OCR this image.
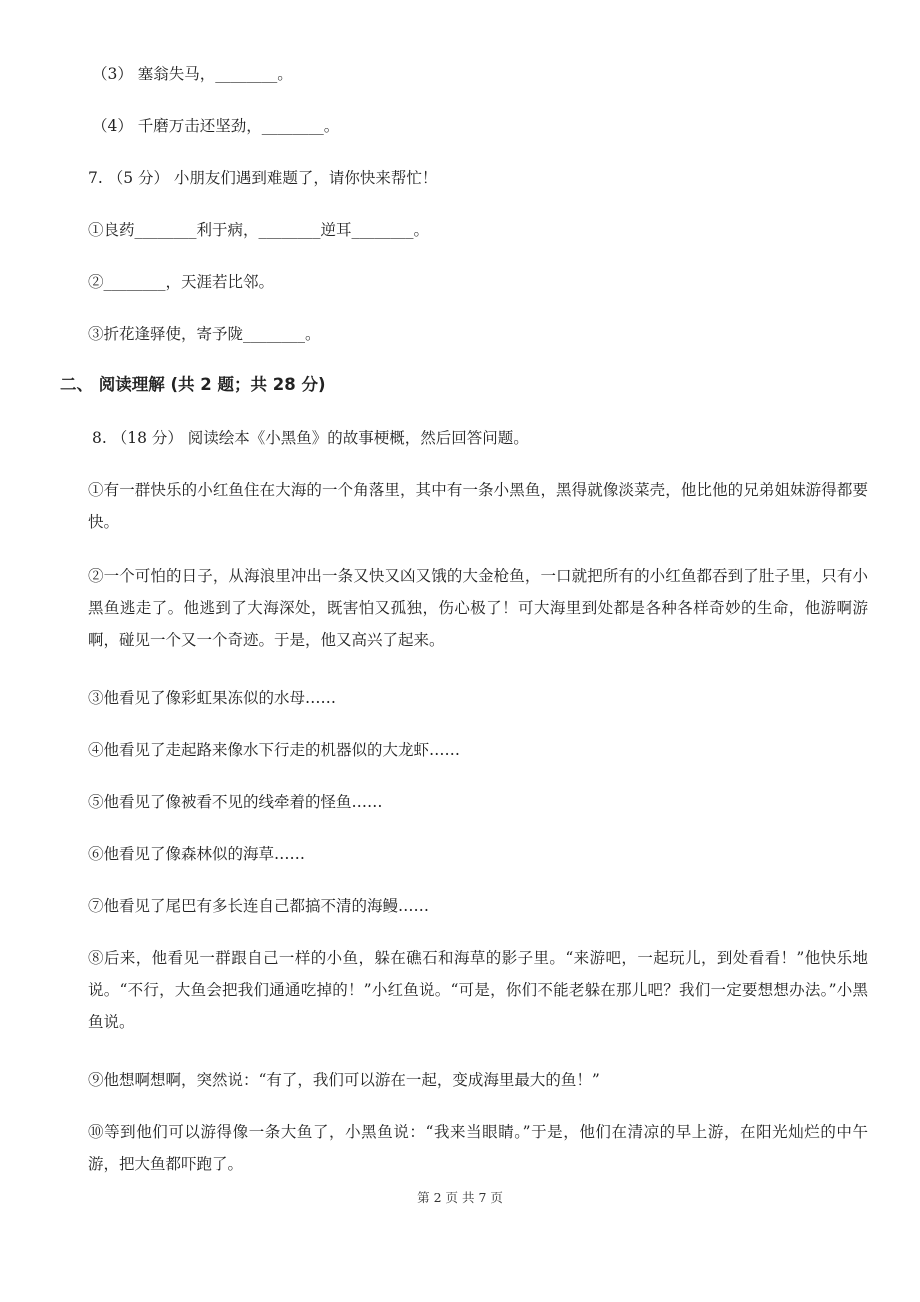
（3） 塞翁失马，________。
（4） 千磨万击还坚劲，________。
7. （5 分） 小朋友们遇到难题了，请你快来帮忙！
①良药________利于病，________逆耳________。
②________，天涯若比邻。
③折花逢驿使，寄予陇________。
二、 阅读理解 (共 2 题；共 28 分)
8. （18 分） 阅读绘本《小黑鱼》的故事梗概，然后回答问题。
①有一群快乐的小红鱼住在大海的一个角落里，其中有一条小黑鱼，黑得就像淡菜壳，他比他的兄弟姐妹游得都要快。
②一个可怕的日子，从海浪里冲出一条又快又凶又饿的大金枪鱼，一口就把所有的小红鱼都吞到了肚子里，只有小黑鱼逃走了。他逃到了大海深处，既害怕又孤独，伤心极了！可大海里到处都是各种各样奇妙的生命，他游啊游啊，碰见一个又一个奇迹。于是，他又高兴了起来。
③他看见了像彩虹果冻似的水母……
④他看见了走起路来像水下行走的机器似的大龙虾……
⑤他看见了像被看不见的线牵着的怪鱼……
⑥他看见了像森林似的海草……
⑦他看见了尾巴有多长连自己都搞不清的海鳗……
⑧后来，他看见一群跟自己一样的小鱼，躲在礁石和海草的影子里。“来游吧，一起玩儿，到处看看！”他快乐地说。“不行，大鱼会把我们通通吃掉的！”小红鱼说。“可是，你们不能老躲在那儿吧？我们一定要想想办法。”小黑鱼说。
⑨他想啊想啊，突然说：“有了，我们可以游在一起，变成海里最大的鱼！”
⑩等到他们可以游得像一条大鱼了，小黑鱼说：“我来当眼睛。”于是，他们在清凉的早上游，在阳光灿烂的中午游，把大鱼都吓跑了。
第 2 页 共 7 页
